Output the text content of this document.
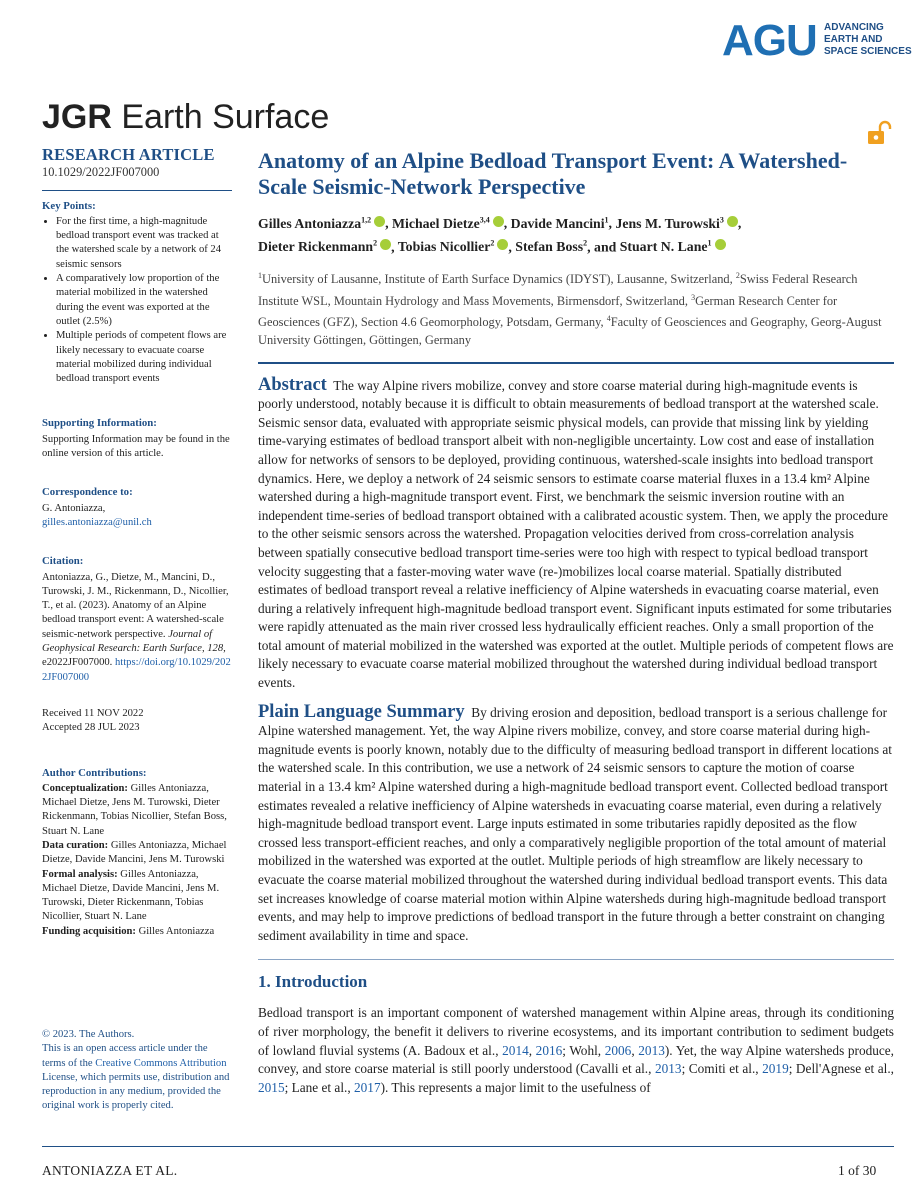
AGU ADVANCING
EARTH AND
SPACE SCIENCES
JGR Earth Surface
RESEARCH ARTICLE
10.1029/2022JF007000
Key Points:
• For the first time, a high-magnitude bedload transport event was tracked at the watershed scale by a network of 24 seismic sensors
• A comparatively low proportion of the material mobilized in the watershed during the event was exported at the outlet (2.5%)
• Multiple periods of competent flows are likely necessary to evacuate coarse material mobilized during individual bedload transport events
Supporting Information:
Supporting Information may be found in the online version of this article.
Correspondence to:
G. Antoniazza,
gilles.antoniazza@unil.ch
Citation:
Antoniazza, G., Dietze, M., Mancini, D., Turowski, J. M., Rickenmann, D., Nicollier, T., et al. (2023). Anatomy of an Alpine bedload transport event: A watershed-scale seismic-network perspective. Journal of Geophysical Research: Earth Surface, 128, e2022JF007000. https://doi.org/10.1029/2022JF007000
Received 11 NOV 2022
Accepted 28 JUL 2023
Author Contributions:
Conceptualization: Gilles Antoniazza, Michael Dietze, Jens M. Turowski, Dieter Rickenmann, Tobias Nicollier, Stefan Boss, Stuart N. Lane
Data curation: Gilles Antoniazza, Michael Dietze, Davide Mancini, Jens M. Turowski
Formal analysis: Gilles Antoniazza, Michael Dietze, Davide Mancini, Jens M. Turowski, Dieter Rickenmann, Tobias Nicollier, Stuart N. Lane
Funding acquisition: Gilles Antoniazza
© 2023. The Authors.
This is an open access article under the terms of the Creative Commons Attribution License, which permits use, distribution and reproduction in any medium, provided the original work is properly cited.
Anatomy of an Alpine Bedload Transport Event: A Watershed-Scale Seismic-Network Perspective
Gilles Antoniazza$^{1,2}$ , Michael Dietze$^{3,4}$ , Davide Mancini$^1$, Jens M. Turowski$^3$ ,
Dieter Rickenmann$^2$ , Tobias Nicollier$^2$ , Stefan Boss$^2$, and Stuart N. Lane$^1$
$^1$University of Lausanne, Institute of Earth Surface Dynamics (IDYST), Lausanne, Switzerland, $^2$Swiss Federal Research Institute WSL, Mountain Hydrology and Mass Movements, Birmensdorf, Switzerland, $^3$German Research Center for Geosciences (GFZ), Section 4.6 Geomorphology, Potsdam, Germany, $^4$Faculty of Geosciences and Geography, Georg-August University Göttingen, Göttingen, Germany

Abstract The way Alpine rivers mobilize, convey and store coarse material during high-magnitude events is poorly understood, notably because it is difficult to obtain measurements of bedload transport at the watershed scale. Seismic sensor data, evaluated with appropriate seismic physical models, can provide that missing link by yielding time-varying estimates of bedload transport albeit with non-negligible uncertainty. Low cost and ease of installation allow for networks of sensors to be deployed, providing continuous, watershed-scale insights into bedload transport dynamics. Here, we deploy a network of 24 seismic sensors to estimate coarse material fluxes in a 13.4 km² Alpine watershed during a high-magnitude transport event. First, we benchmark the seismic inversion routine with an independent time-series of bedload transport obtained with a calibrated acoustic system. Then, we apply the procedure to the other seismic sensors across the watershed. Propagation velocities derived from cross-correlation analysis between spatially consecutive bedload transport time-series were too high with respect to typical bedload transport velocity suggesting that a faster-moving water wave (re-)mobilizes local coarse material. Spatially distributed estimates of bedload transport reveal a relative inefficiency of Alpine watersheds in evacuating coarse material, even during a relatively infrequent high-magnitude bedload transport event. Significant inputs estimated for some tributaries were rapidly attenuated as the main river crossed less hydraulically efficient reaches. Only a small proportion of the total amount of material mobilized in the watershed was exported at the outlet. Multiple periods of competent flows are likely necessary to evacuate coarse material mobilized throughout the watershed during individual bedload transport events.

Plain Language Summary By driving erosion and deposition, bedload transport is a serious challenge for Alpine watershed management. Yet, the way Alpine rivers mobilize, convey, and store coarse material during high-magnitude events is poorly known, notably due to the difficulty of measuring bedload transport in different locations at the watershed scale. In this contribution, we use a network of 24 seismic sensors to capture the motion of coarse material in a 13.4 km² Alpine watershed during a high-magnitude bedload transport event. Collected bedload transport estimates revealed a relative inefficiency of Alpine watersheds in evacuating coarse material, even during a relatively high-magnitude bedload transport event. Large inputs estimated in some tributaries rapidly deposited as the flow crossed less transport-efficient reaches, and only a comparatively negligible proportion of the total amount of material mobilized in the watershed was exported at the outlet. Multiple periods of high streamflow are likely necessary to evacuate the coarse material mobilized throughout the watershed during individual bedload transport events. This data set increases knowledge of coarse material motion within Alpine watersheds during high-magnitude bedload transport events, and may help to improve predictions of bedload transport in the future through a better constraint on changing sediment availability in time and space.

1. Introduction

Bedload transport is an important component of watershed management within Alpine areas, through its conditioning of river morphology, the benefit it delivers to riverine ecosystems, and its important contribution to sediment budgets of lowland fluvial systems (A. Badoux et al., 2014, 2016; Wohl, 2006, 2013). Yet, the way Alpine watersheds produce, convey, and store coarse material is still poorly understood (Cavalli et al., 2013; Comiti et al., 2019; Dell'Agnese et al., 2015; Lane et al., 2017). This represents a major limit to the usefulness of

ANTONIAZZA ET AL.	1 of 30
